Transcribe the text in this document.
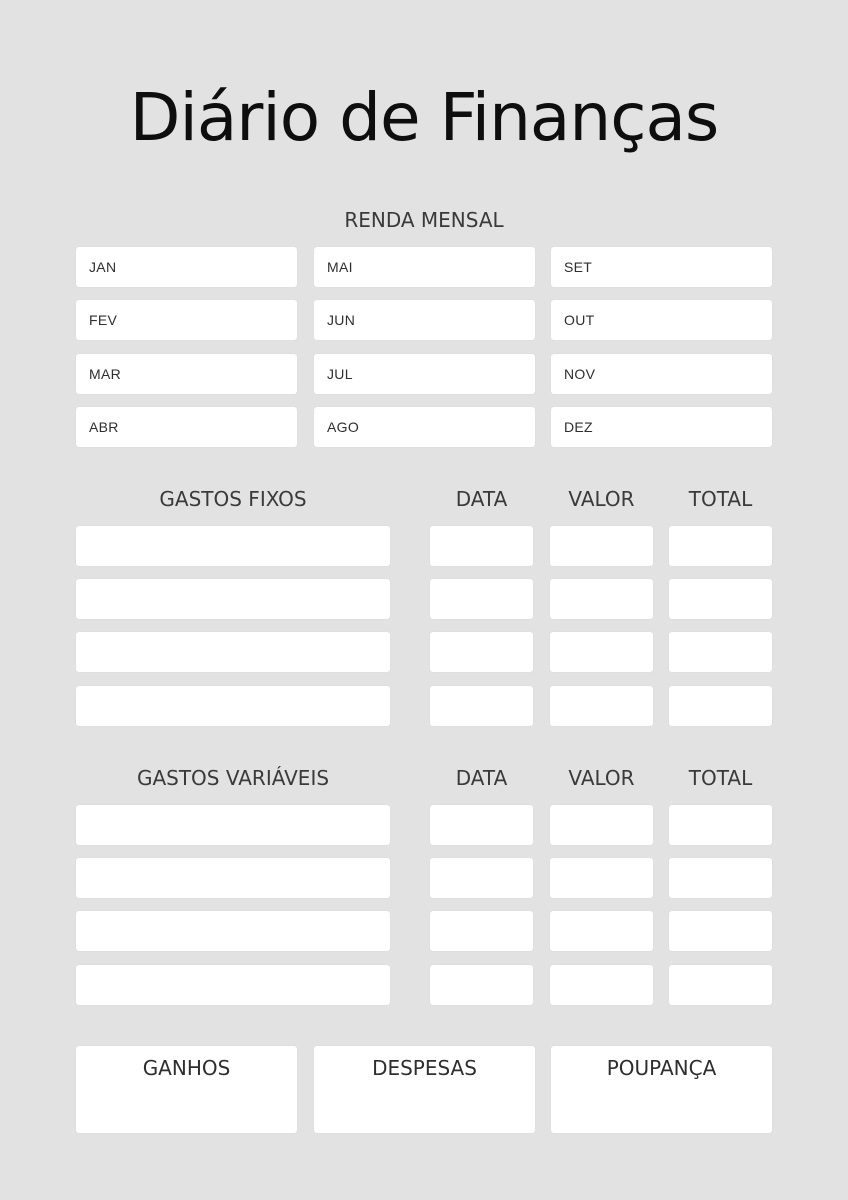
Diário de Finanças
RENDA MENSAL
JAN
FEV
MAR
ABR
MAI
JUN
JUL
AGO
SET
OUT
NOV
DEZ
GASTOS FIXOS	DATA	VALOR	TOTAL
GASTOS VARIÁVEIS	DATA	VALOR	TOTAL
GANHOS	DESPESAS	POUPANÇA
